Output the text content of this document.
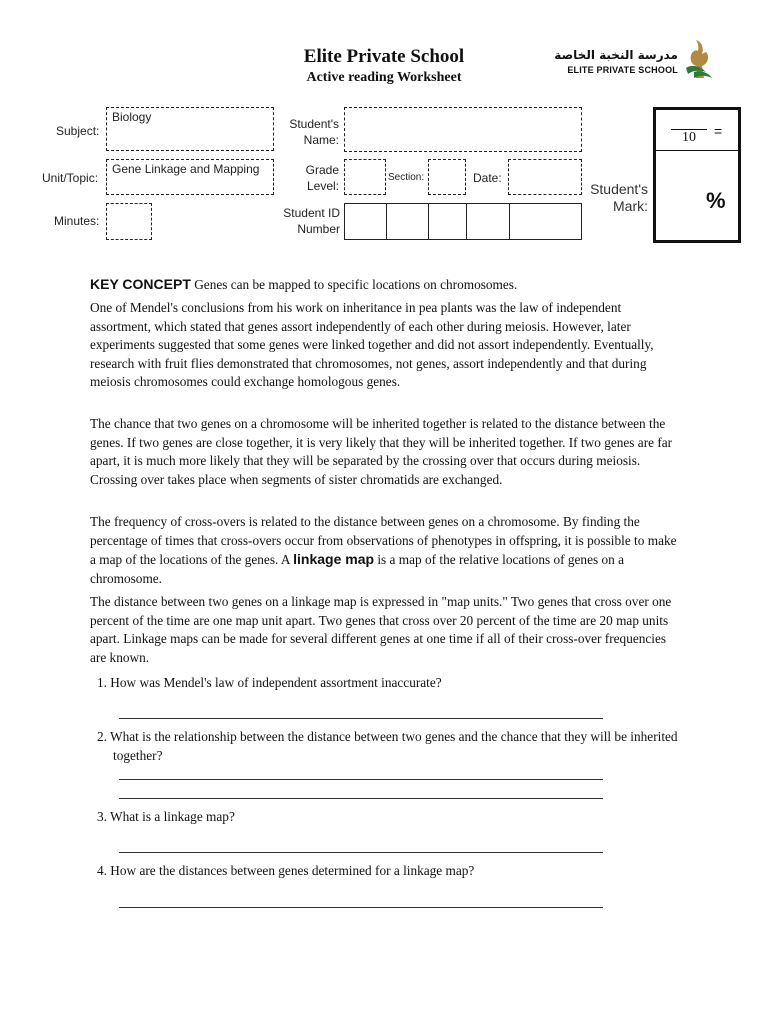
Elite Private School
Active reading Worksheet
مدرسة النخبة الخاصة
ELITE PRIVATE SCHOOL
Subject:
Biology
Unit/Topic:
Gene Linkage and Mapping
Minutes:
Student's
Name:
Grade
Level:
Section:	Date:
Student ID
Number
Student's
Mark:
10	=
%
KEY CONCEPT Genes can be mapped to specific locations on chromosomes.
One of Mendel's conclusions from his work on inheritance in pea plants was the law of independent assortment, which stated that genes assort independently of each other during meiosis. However, later experiments suggested that some genes were linked together and did not assort independently. Eventually, research with fruit flies demonstrated that chromosomes, not genes, assort independently and that during meiosis chromosomes could exchange homologous genes.
The chance that two genes on a chromosome will be inherited together is related to the distance between the genes. If two genes are close together, it is very likely that they will be inherited together. If two genes are far apart, it is much more likely that they will be separated by the crossing over that occurs during meiosis. Crossing over takes place when segments of sister chromatids are exchanged.
The frequency of cross-overs is related to the distance between genes on a chromosome. By finding the percentage of times that cross-overs occur from observations of phenotypes in offspring, it is possible to make a map of the locations of the genes. A linkage map is a map of the relative locations of genes on a chromosome.
The distance between two genes on a linkage map is expressed in "map units." Two genes that cross over one percent of the time are one map unit apart. Two genes that cross over 20 percent of the time are 20 map units apart. Linkage maps can be made for several different genes at one time if all of their cross-over frequencies are known.
1. How was Mendel's law of independent assortment inaccurate?
2. What is the relationship between the distance between two genes and the chance that they will be inherited together?
3. What is a linkage map?
4. How are the distances between genes determined for a linkage map?
